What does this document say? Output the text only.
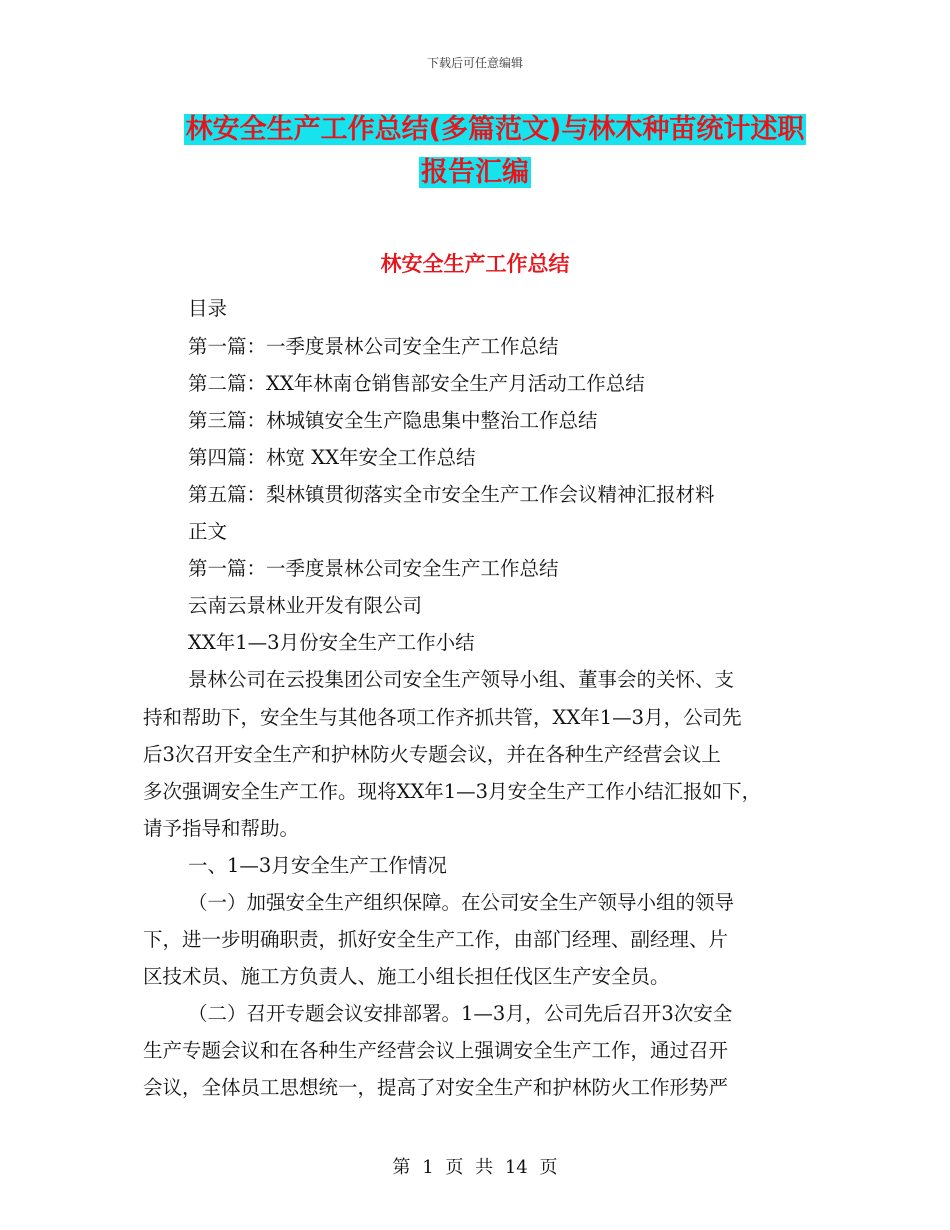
下载后可任意编辑
林安全生产工作总结(多篇范文)与林木种苗统计述职
报告汇编
林安全生产工作总结
目录
第一篇：一季度景林公司安全生产工作总结
第二篇：XX年林南仓销售部安全生产月活动工作总结
第三篇：林城镇安全生产隐患集中整治工作总结
第四篇：林宽 XX年安全工作总结
第五篇：梨林镇贯彻落实全市安全生产工作会议精神汇报材料
正文
第一篇：一季度景林公司安全生产工作总结
云南云景林业开发有限公司
XX年1—3月份安全生产工作小结
景林公司在云投集团公司安全生产领导小组、董事会的关怀、支
持和帮助下，安全生与其他各项工作齐抓共管，XX年1—3月，公司先
后3次召开安全生产和护林防火专题会议，并在各种生产经营会议上
多次强调安全生产工作。现将XX年1—3月安全生产工作小结汇报如下，
请予指导和帮助。
一、1—3月安全生产工作情况
（一）加强安全生产组织保障。在公司安全生产领导小组的领导
下，进一步明确职责，抓好安全生产工作，由部门经理、副经理、片
区技术员、施工方负责人、施工小组长担任伐区生产安全员。
（二）召开专题会议安排部署。1—3月，公司先后召开3次安全
生产专题会议和在各种生产经营会议上强调安全生产工作，通过召开
会议，全体员工思想统一，提高了对安全生产和护林防火工作形势严
第 1 页 共 14 页
